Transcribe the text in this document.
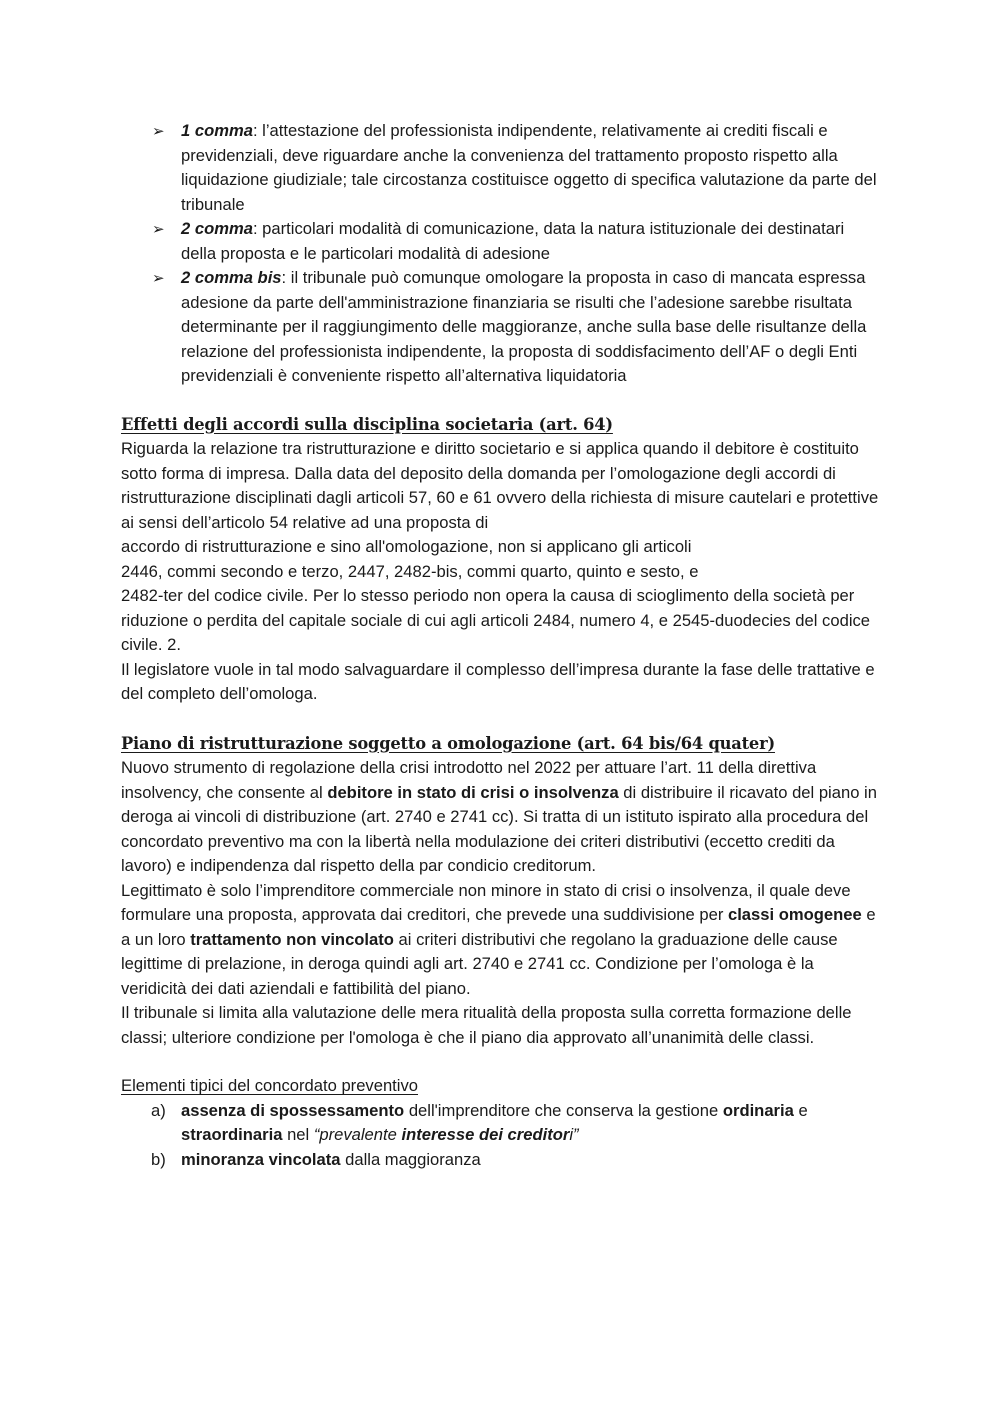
➢ 1 comma: l’attestazione del professionista indipendente, relativamente ai crediti fiscali e previdenziali, deve riguardare anche la convenienza del trattamento proposto rispetto alla liquidazione giudiziale; tale circostanza costituisce oggetto di specifica valutazione da parte del tribunale
➢ 2 comma: particolari modalità di comunicazione, data la natura istituzionale dei destinatari della proposta e le particolari modalità di adesione
➢ 2 comma bis: il tribunale può comunque omologare la proposta in caso di mancata espressa adesione da parte dell'amministrazione finanziaria se risulti che l’adesione sarebbe risultata determinante per il raggiungimento delle maggioranze, anche sulla base delle risultanze della relazione del professionista indipendente, la proposta di soddisfacimento dell’AF o degli Enti previdenziali è conveniente rispetto all’alternativa liquidatoria
Effetti degli accordi sulla disciplina societaria (art. 64)

Riguarda la relazione tra ristrutturazione e diritto societario e si applica quando il debitore è costituito sotto forma di impresa. Dalla data del deposito della domanda per l’omologazione degli accordi di ristrutturazione disciplinati dagli articoli 57, 60 e 61 ovvero della richiesta di misure cautelari e protettive ai sensi dell’articolo 54 relative ad una proposta di
accordo di ristrutturazione e sino all'omologazione, non si applicano gli articoli
2446, commi secondo e terzo, 2447, 2482-bis, commi quarto, quinto e sesto, e
2482-ter del codice civile. Per lo stesso periodo non opera la causa di scioglimento della società per riduzione o perdita del capitale sociale di cui agli articoli 2484, numero 4, e 2545-duodecies del codice civile. 2.

Il legislatore vuole in tal modo salvaguardare il complesso dell’impresa durante la fase delle trattative e del completo dell’omologa.

Piano di ristrutturazione soggetto a omologazione (art. 64 bis/64 quater)

Nuovo strumento di regolazione della crisi introdotto nel 2022 per attuare l’art. 11 della direttiva insolvency, che consente al debitore in stato di crisi o insolvenza di distribuire il ricavato del piano in deroga ai vincoli di distribuzione (art. 2740 e 2741 cc). Si tratta di un istituto ispirato alla procedura del concordato preventivo ma con la libertà nella modulazione dei criteri distributivi (eccetto crediti da lavoro) e indipendenza dal rispetto della par condicio creditorum.

Legittimato è solo l’imprenditore commerciale non minore in stato di crisi o insolvenza, il quale deve formulare una proposta, approvata dai creditori, che prevede una suddivisione per classi omogenee e a un loro trattamento non vincolato ai criteri distributivi che regolano la graduazione delle cause legittime di prelazione, in deroga quindi agli art. 2740 e 2741 cc. Condizione per l’omologa è la veridicità dei dati aziendali e fattibilità del piano.

Il tribunale si limita alla valutazione delle mera ritualità della proposta sulla corretta formazione delle classi; ulteriore condizione per l'omologa è che il piano dia approvato all’unanimità delle classi.

Elementi tipici del concordato preventivo

a) assenza di spossessamento dell'imprenditore che conserva la gestione ordinaria e straordinaria nel “prevalente interesse dei creditori”
b) minoranza vincolata dalla maggioranza
